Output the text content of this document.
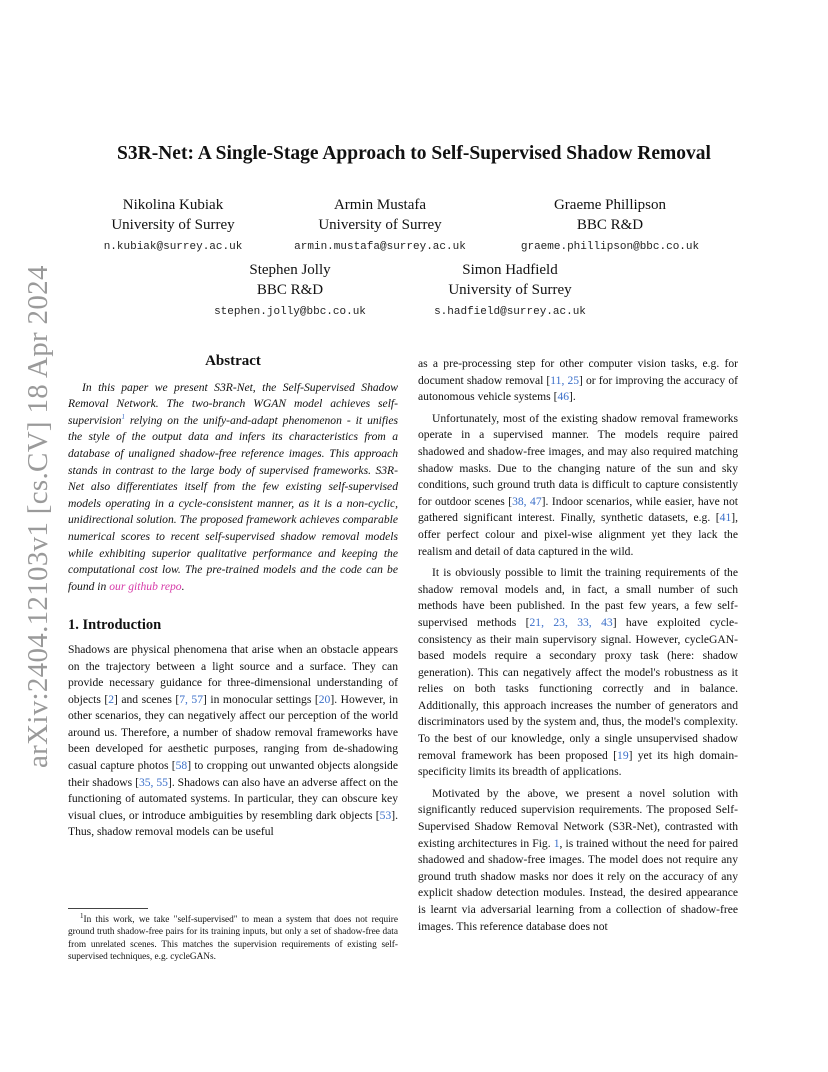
arXiv:2404.12103v1 [cs.CV] 18 Apr 2024
S3R-Net: A Single-Stage Approach to Self-Supervised Shadow Removal
Nikolina Kubiak
University of Surrey
n.kubiak@surrey.ac.uk
Armin Mustafa
University of Surrey
armin.mustafa@surrey.ac.uk
Graeme Phillipson
BBC R&D
graeme.phillipson@bbc.co.uk
Stephen Jolly
BBC R&D
stephen.jolly@bbc.co.uk
Simon Hadfield
University of Surrey
s.hadfield@surrey.ac.uk
Abstract

In this paper we present S3R-Net, the Self-Supervised Shadow Removal Network. The two-branch WGAN model achieves self-supervision$^1$ relying on the unify-and-adapt phenomenon - it unifies the style of the output data and infers its characteristics from a database of unaligned shadow-free reference images. This approach stands in contrast to the large body of supervised frameworks. S3R-Net also differentiates itself from the few existing self-supervised models operating in a cycle-consistent manner, as it is a non-cyclic, unidirectional solution. The proposed framework achieves comparable numerical scores to recent self-supervised shadow removal models while exhibiting superior qualitative performance and keeping the computational cost low. The pre-trained models and the code can be found in our github repo.

1. Introduction

Shadows are physical phenomena that arise when an obstacle appears on the trajectory between a light source and a surface. They can provide necessary guidance for three-dimensional understanding of objects [2] and scenes [7, 57] in monocular settings [20]. However, in other scenarios, they can negatively affect our perception of the world around us. Therefore, a number of shadow removal frameworks have been developed for aesthetic purposes, ranging from de-shadowing casual capture photos [58] to cropping out unwanted objects alongside their shadows [35, 55]. Shadows can also have an adverse affect on the functioning of automated systems. In particular, they can obscure key visual clues, or introduce ambiguities by resembling dark objects [53]. Thus, shadow removal models can be useful

$^1$In this work, we take "self-supervised" to mean a system that does not require ground truth shadow-free pairs for its training inputs, but only a set of shadow-free data from unrelated scenes. This matches the supervision requirements of existing self-supervised techniques, e.g. cycleGANs.

as a pre-processing step for other computer vision tasks, e.g. for document shadow removal [11, 25] or for improving the accuracy of autonomous vehicle systems [46].

Unfortunately, most of the existing shadow removal frameworks operate in a supervised manner. The models require paired shadowed and shadow-free images, and may also required matching shadow masks. Due to the changing nature of the sun and sky conditions, such ground truth data is difficult to capture consistently for outdoor scenes [38, 47]. Indoor scenarios, while easier, have not gathered significant interest. Finally, synthetic datasets, e.g. [41], offer perfect colour and pixel-wise alignment yet they lack the realism and detail of data captured in the wild.

It is obviously possible to limit the training requirements of the shadow removal models and, in fact, a small number of such methods have been published. In the past few years, a few self-supervised methods [21, 23, 33, 43] have exploited cycle-consistency as their main supervisory signal. However, cycleGAN-based models require a secondary proxy task (here: shadow generation). This can negatively affect the model's robustness as it relies on both tasks functioning correctly and in balance. Additionally, this approach increases the number of generators and discriminators used by the system and, thus, the model's complexity. To the best of our knowledge, only a single unsupervised shadow removal framework has been proposed [19] yet its high domain-specificity limits its breadth of applications.

Motivated by the above, we present a novel solution with significantly reduced supervision requirements. The proposed Self-Supervised Shadow Removal Network (S3R-Net), contrasted with existing architectures in Fig. 1, is trained without the need for paired shadowed and shadow-free images. The model does not require any ground truth shadow masks nor does it rely on the accuracy of any explicit shadow detection modules. Instead, the desired appearance is learnt via adversarial learning from a collection of shadow-free images. This reference database does not
